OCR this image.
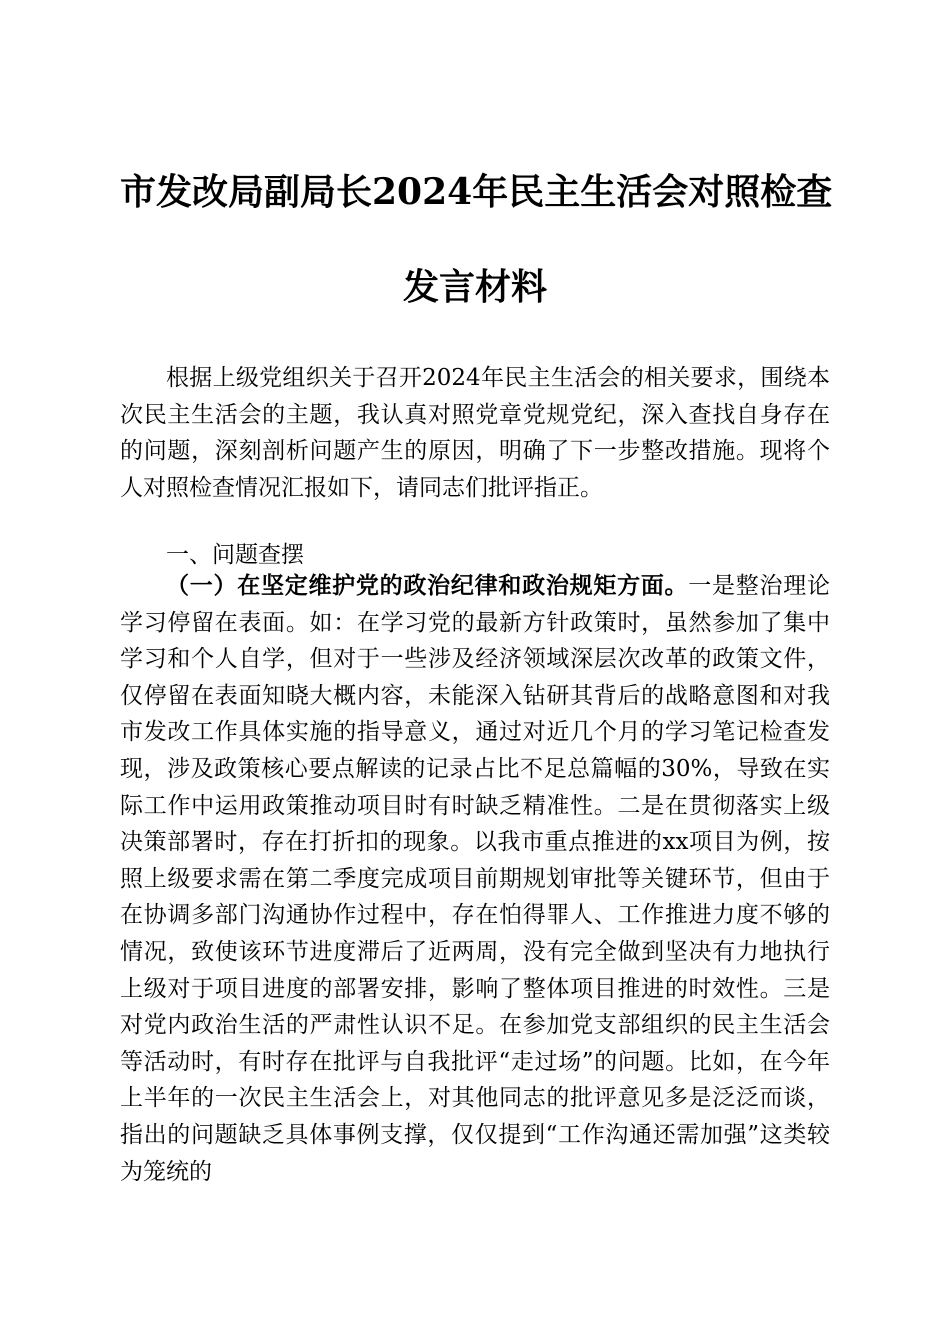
市发改局副局长2024年民主生活会对照检查
发言材料

根据上级党组织关于召开2024年民主生活会的相关要求，围绕本次民主生活会的主题，我认真对照党章党规党纪，深入查找自身存在的问题，深刻剖析问题产生的原因，明确了下一步整改措施。现将个人对照检查情况汇报如下，请同志们批评指正。

一、问题查摆

（一）在坚定维护党的政治纪律和政治规矩方面。一是整治理论学习停留在表面。如：在学习党的最新方针政策时，虽然参加了集中学习和个人自学，但对于一些涉及经济领域深层次改革的政策文件，仅停留在表面知晓大概内容，未能深入钻研其背后的战略意图和对我市发改工作具体实施的指导意义，通过对近几个月的学习笔记检查发现，涉及政策核心要点解读的记录占比不足总篇幅的30%，导致在实际工作中运用政策推动项目时有时缺乏精准性。二是在贯彻落实上级决策部署时，存在打折扣的现象。以我市重点推进的xx项目为例，按照上级要求需在第二季度完成项目前期规划审批等关键环节，但由于在协调多部门沟通协作过程中，存在怕得罪人、工作推进力度不够的情况，致使该环节进度滞后了近两周，没有完全做到坚决有力地执行上级对于项目进度的部署安排，影响了整体项目推进的时效性。三是对党内政治生活的严肃性认识不足。在参加党支部组织的民主生活会等活动时，有时存在批评与自我批评“走过场”的问题。比如，在今年上半年的一次民主生活会上，对其他同志的批评意见多是泛泛而谈，指出的问题缺乏具体事例支撑，仅仅提到“工作沟通还需加强”这类较为笼统的
